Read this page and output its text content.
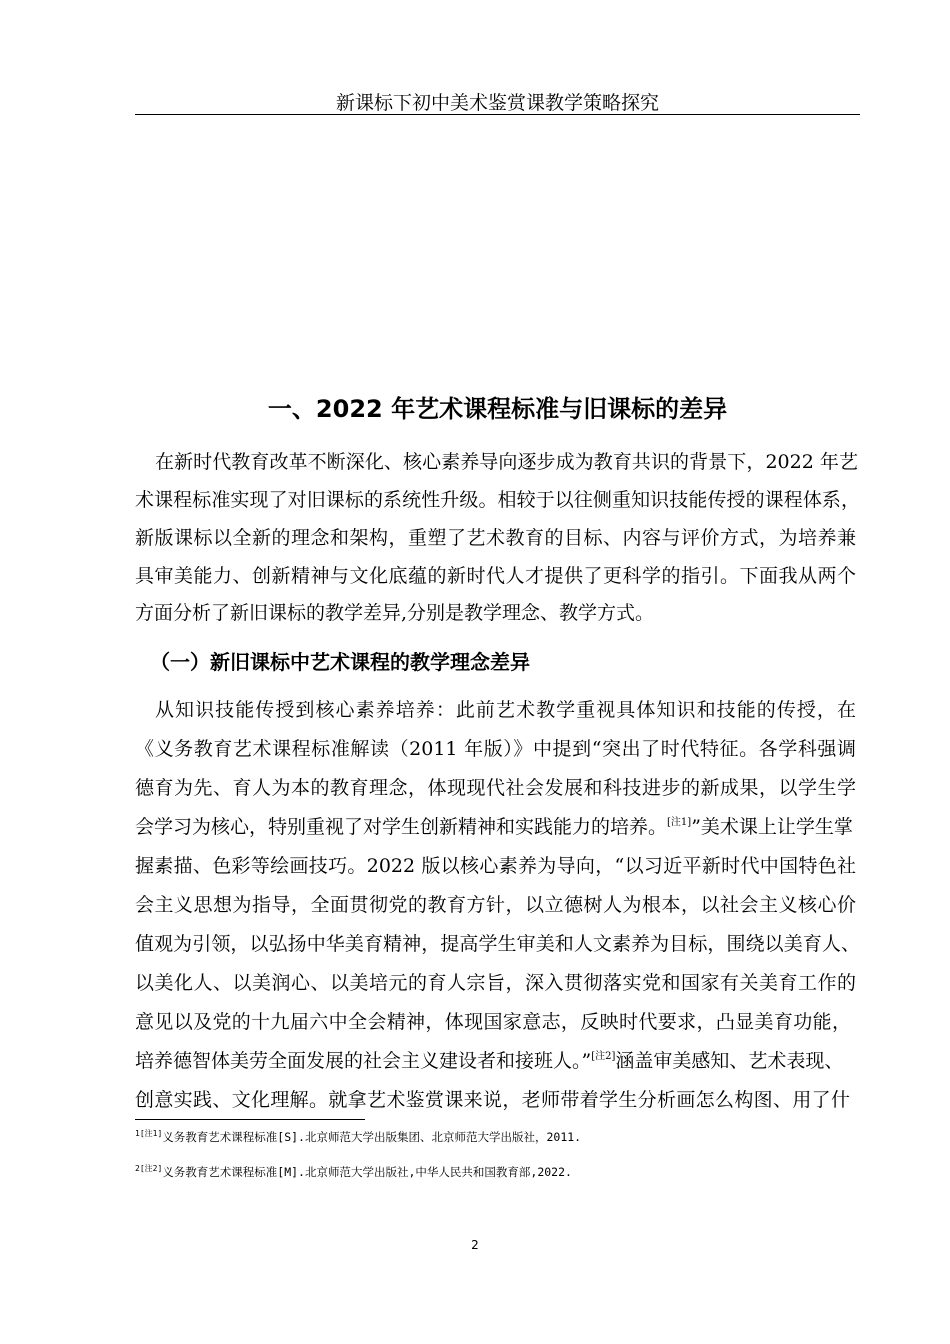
新课标下初中美术鉴赏课教学策略探究
一、2022 年艺术课程标准与旧课标的差异
在新时代教育改革不断深化、核心素养导向逐步成为教育共识的背景下，2022 年艺
术课程标准实现了对旧课标的系统性升级。相较于以往侧重知识技能传授的课程体系，
新版课标以全新的理念和架构，重塑了艺术教育的目标、内容与评价方式，为培养兼
具审美能力、创新精神与文化底蕴的新时代人才提供了更科学的指引。下面我从两个
方面分析了新旧课标的教学差异,分别是教学理念、教学方式。
（一）新旧课标中艺术课程的教学理念差异
从知识技能传授到核心素养培养：此前艺术教学重视具体知识和技能的传授，在
《义务教育艺术课程标准解读（2011 年版）》中提到“突出了时代特征。各学科强调
德育为先、育人为本的教育理念，体现现代社会发展和科技进步的新成果，以学生学
会学习为核心，特别重视了对学生创新精神和实践能力的培养。[注1]”美术课上让学生掌
握素描、色彩等绘画技巧。2022 版以核心素养为导向，“以习近平新时代中国特色社
会主义思想为指导，全面贯彻党的教育方针，以立德树人为根本，以社会主义核心价
值观为引领，以弘扬中华美育精神，提高学生审美和人文素养为目标，围绕以美育人、
以美化人、以美润心、以美培元的育人宗旨，深入贯彻落实党和国家有关美育工作的
意见以及党的十九届六中全会精神，体现国家意志，反映时代要求，凸显美育功能，
培养德智体美劳全面发展的社会主义建设者和接班人。”[注2]涵盖审美感知、艺术表现、
创意实践、文化理解。就拿艺术鉴赏课来说，老师带着学生分析画怎么构图、用了什
$^{1[注1]}$义务教育艺术课程标准[S].北京师范大学出版集团、北京师范大学出版社，2011.
$^{2[注2]}$义务教育艺术课程标准[M].北京师范大学出版社,中华人民共和国教育部,2022.
2
